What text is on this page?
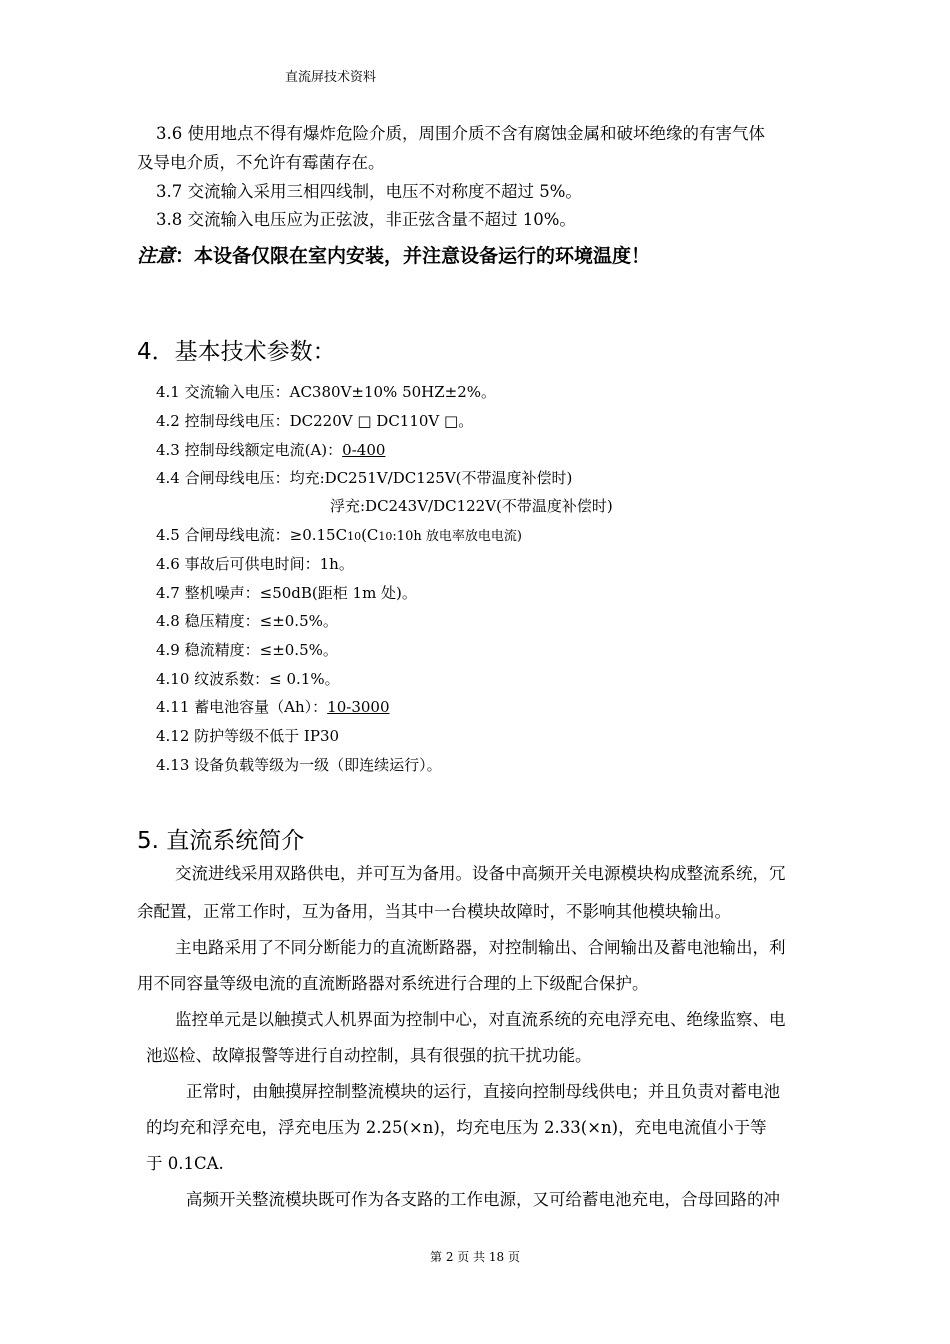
直流屏技术资料
3.6 使用地点不得有爆炸危险介质，周围介质不含有腐蚀金属和破坏绝缘的有害气体
及导电介质，不允许有霉菌存在。
3.7 交流输入采用三相四线制，电压不对称度不超过 5%。
3.8 交流输入电压应为正弦波，非正弦含量不超过 10%。
注意：本设备仅限在室内安装，并注意设备运行的环境温度！
4．基本技术参数：
4.1 交流输入电压：AC380V±10% 50HZ±2%。
4.2 控制母线电压：DC220V □ DC110V □。
4.3 控制母线额定电流(A)：0-400
4.4 合闸母线电压：均充:DC251V/DC125V(不带温度补偿时)
浮充:DC243V/DC122V(不带温度补偿时)
4.5 合闸母线电流：≥0.15C10(C10:10h 放电率放电电流)
4.6 事故后可供电时间：1h。
4.7 整机噪声：≤50dB(距柜 1m 处)。
4.8 稳压精度：≤±0.5%。
4.9 稳流精度：≤±0.5%。
4.10 纹波系数：≤ 0.1%。
4.11 蓄电池容量（Ah）：10-3000
4.12 防护等级不低于 IP30
4.13 设备负载等级为一级（即连续运行）。
5. 直流系统简介
交流进线采用双路供电，并可互为备用。设备中高频开关电源模块构成整流系统，冗
余配置，正常工作时，互为备用，当其中一台模块故障时，不影响其他模块输出。
主电路采用了不同分断能力的直流断路器，对控制输出、合闸输出及蓄电池输出，利
用不同容量等级电流的直流断路器对系统进行合理的上下级配合保护。
监控单元是以触摸式人机界面为控制中心，对直流系统的充电浮充电、绝缘监察、电
池巡检、故障报警等进行自动控制，具有很强的抗干扰功能。
正常时，由触摸屏控制整流模块的运行，直接向控制母线供电；并且负责对蓄电池
的均充和浮充电，浮充电压为 2.25(×n)，均充电压为 2.33(×n)，充电电流值小于等
于 0.1CA.
高频开关整流模块既可作为各支路的工作电源，又可给蓄电池充电，合母回路的冲
第 2 页 共 18 页
